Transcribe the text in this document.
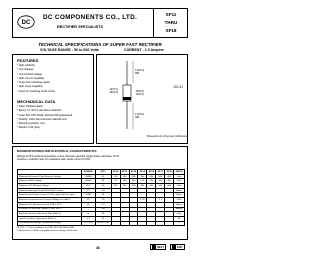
DC
DC COMPONENTS CO., LTD.
RECTIFIER SPECIALISTS
SF11
THRU
SF18
TECHNICAL SPECIFICATIONS OF SUPER FAST RECTIFIER
VOLTAGE RANGE - 50 to 600 Volts	CURRENT - 1.0 Ampere
FEATURES
* High reliability
* Low leakage
* Low forward voltage
* High current capability
* Super fast switching speed
* High surge capability
* Good for switching mode circuit
MECHANICAL DATA
* Case: Molded plastic
* Epoxy: UL 94V-0 rate flame retardant
* Lead: MIL-STD-202E, Method 208 guaranteed
* Polarity: Color band denotes cathode end
* Mounting position: Any
* Weight: 0.34 gram
DO-41
1.0(25.4)
MIN.
.107(2.7)
.080(2.0)	.205(5.2)
.160(4.1)
1.0(25.4)
MIN.
Dimensions in inches and (millimeters)
MAXIMUM RATINGS AND ELECTRICAL CHARACTERISTICS
Ratings at 25°C ambient temperature unless otherwise specified. Single phase, half wave, 60 Hz, resistive or inductive load. For capacitive load, derate current by 20%.
	SYMBOL	SF11	SF12	SF13	SF14	SF15	SF16	SF17	SF18	UNITS
Maximum Recurrent Peak Reverse Voltage	VRRM	50	100	150	200	300	400	500	600	Volts
Maximum RMS Voltage	VRMS	35	70	105	140	210	280	350	420	Volts
Maximum DC Blocking Voltage	VDC	50	100	150	200	300	400	500	600	Volts
Maximum Average Forward Rectified Current	IO	1.0								Amps
Peak Forward Surge Current 8.3 ms single half sine-wave	IFSM	30								Amps
Maximum Instantaneous Forward Voltage at 1.0A DC	VF	.95				1.25		1.7		Volts
Maximum DC Reverse Current @TA = 25°C	IR	5.0								uAmps
at Rated DC Blocking Voltage @TA = 100°C		100								uAmps
Maximum Reverse Recovery Time (Note 1)	trr	35								nSec
Typical Junction Capacitance (Note 2)	CJ	15								pF
Operating and Storage Temperature Range	TJ, TSTG	-65 to + 150								°C
NOTES : 1. Test Conditions: IF=0.5A, IR=1.0A, IRR=0.25A
2. Measured at 1 MHz and applied reverse voltage of 4.0 volts
48	NEXT	EXIT
